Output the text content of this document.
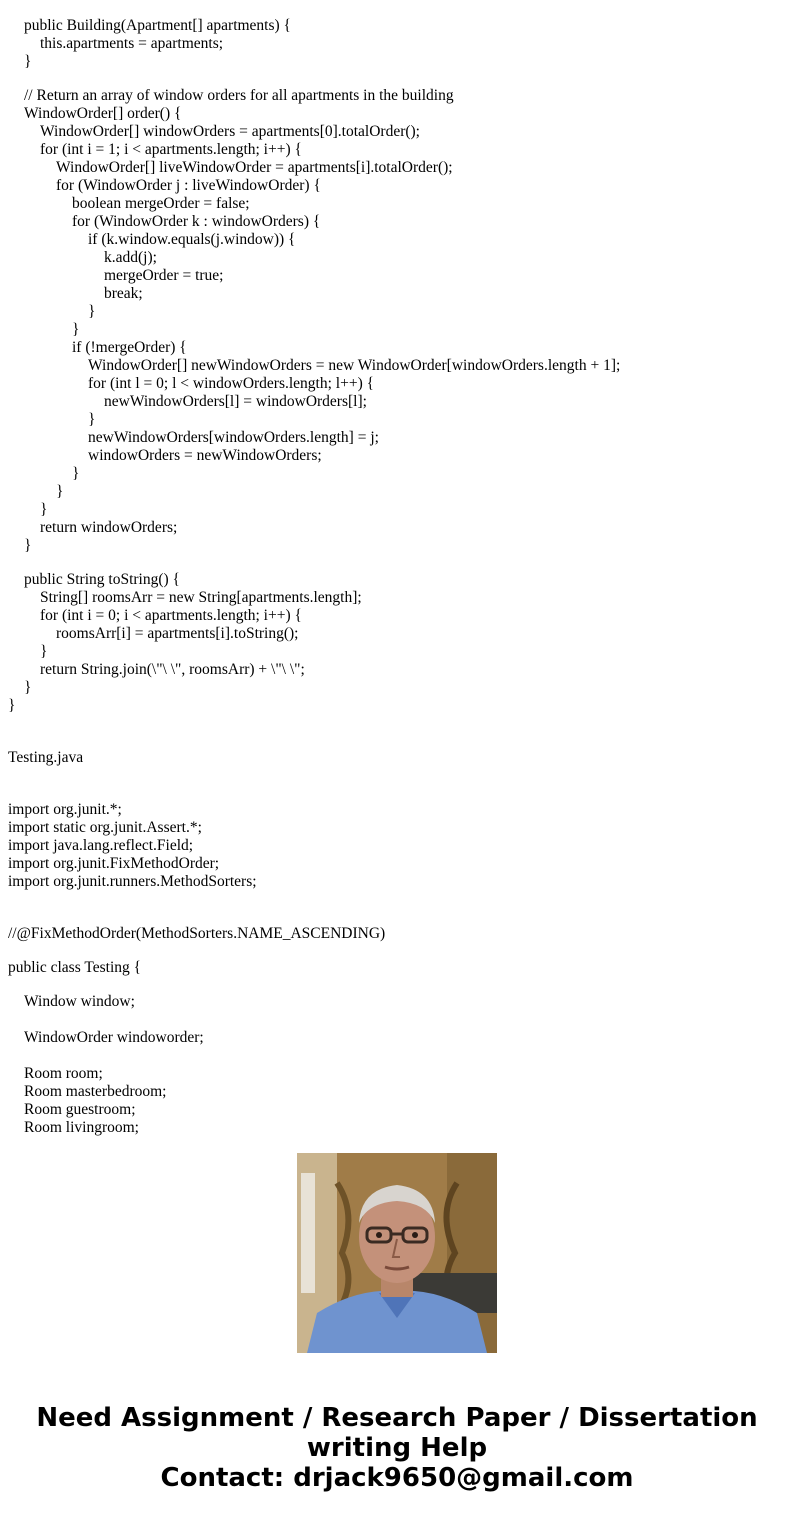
public Building(Apartment[] apartments) {
this.apartments = apartments;
}
// Return an array of window orders for all apartments in the building
WindowOrder[] order() {
WindowOrder[] windowOrders = apartments[0].totalOrder();
for (int i = 1; i < apartments.length; i++) {
WindowOrder[] liveWindowOrder = apartments[i].totalOrder();
for (WindowOrder j : liveWindowOrder) {
boolean mergeOrder = false;
for (WindowOrder k : windowOrders) {
if (k.window.equals(j.window)) {
k.add(j);
mergeOrder = true;
break;
}
}
if (!mergeOrder) {
WindowOrder[] newWindowOrders = new WindowOrder[windowOrders.length + 1];
for (int l = 0; l < windowOrders.length; l++) {
newWindowOrders[l] = windowOrders[l];
}
newWindowOrders[windowOrders.length] = j;
windowOrders = newWindowOrders;
}
}
}
return windowOrders;
}
public String toString() {
String[] roomsArr = new String[apartments.length];
for (int i = 0; i < apartments.length; i++) {
roomsArr[i] = apartments[i].toString();
}
return String.join(\"\ \", roomsArr) + \"\ \";
}
}
Testing.java
import org.junit.*;
import static org.junit.Assert.*;
import java.lang.reflect.Field;
import org.junit.FixMethodOrder;
import org.junit.runners.MethodSorters;
//@FixMethodOrder(MethodSorters.NAME_ASCENDING)
public class Testing {
Window window;
WindowOrder windoworder;
Room room;
Room masterbedroom;
Room guestroom;
Room livingroom;
Need Assignment / Research Paper / Dissertation
writing Help
Contact: drjack9650@gmail.com
